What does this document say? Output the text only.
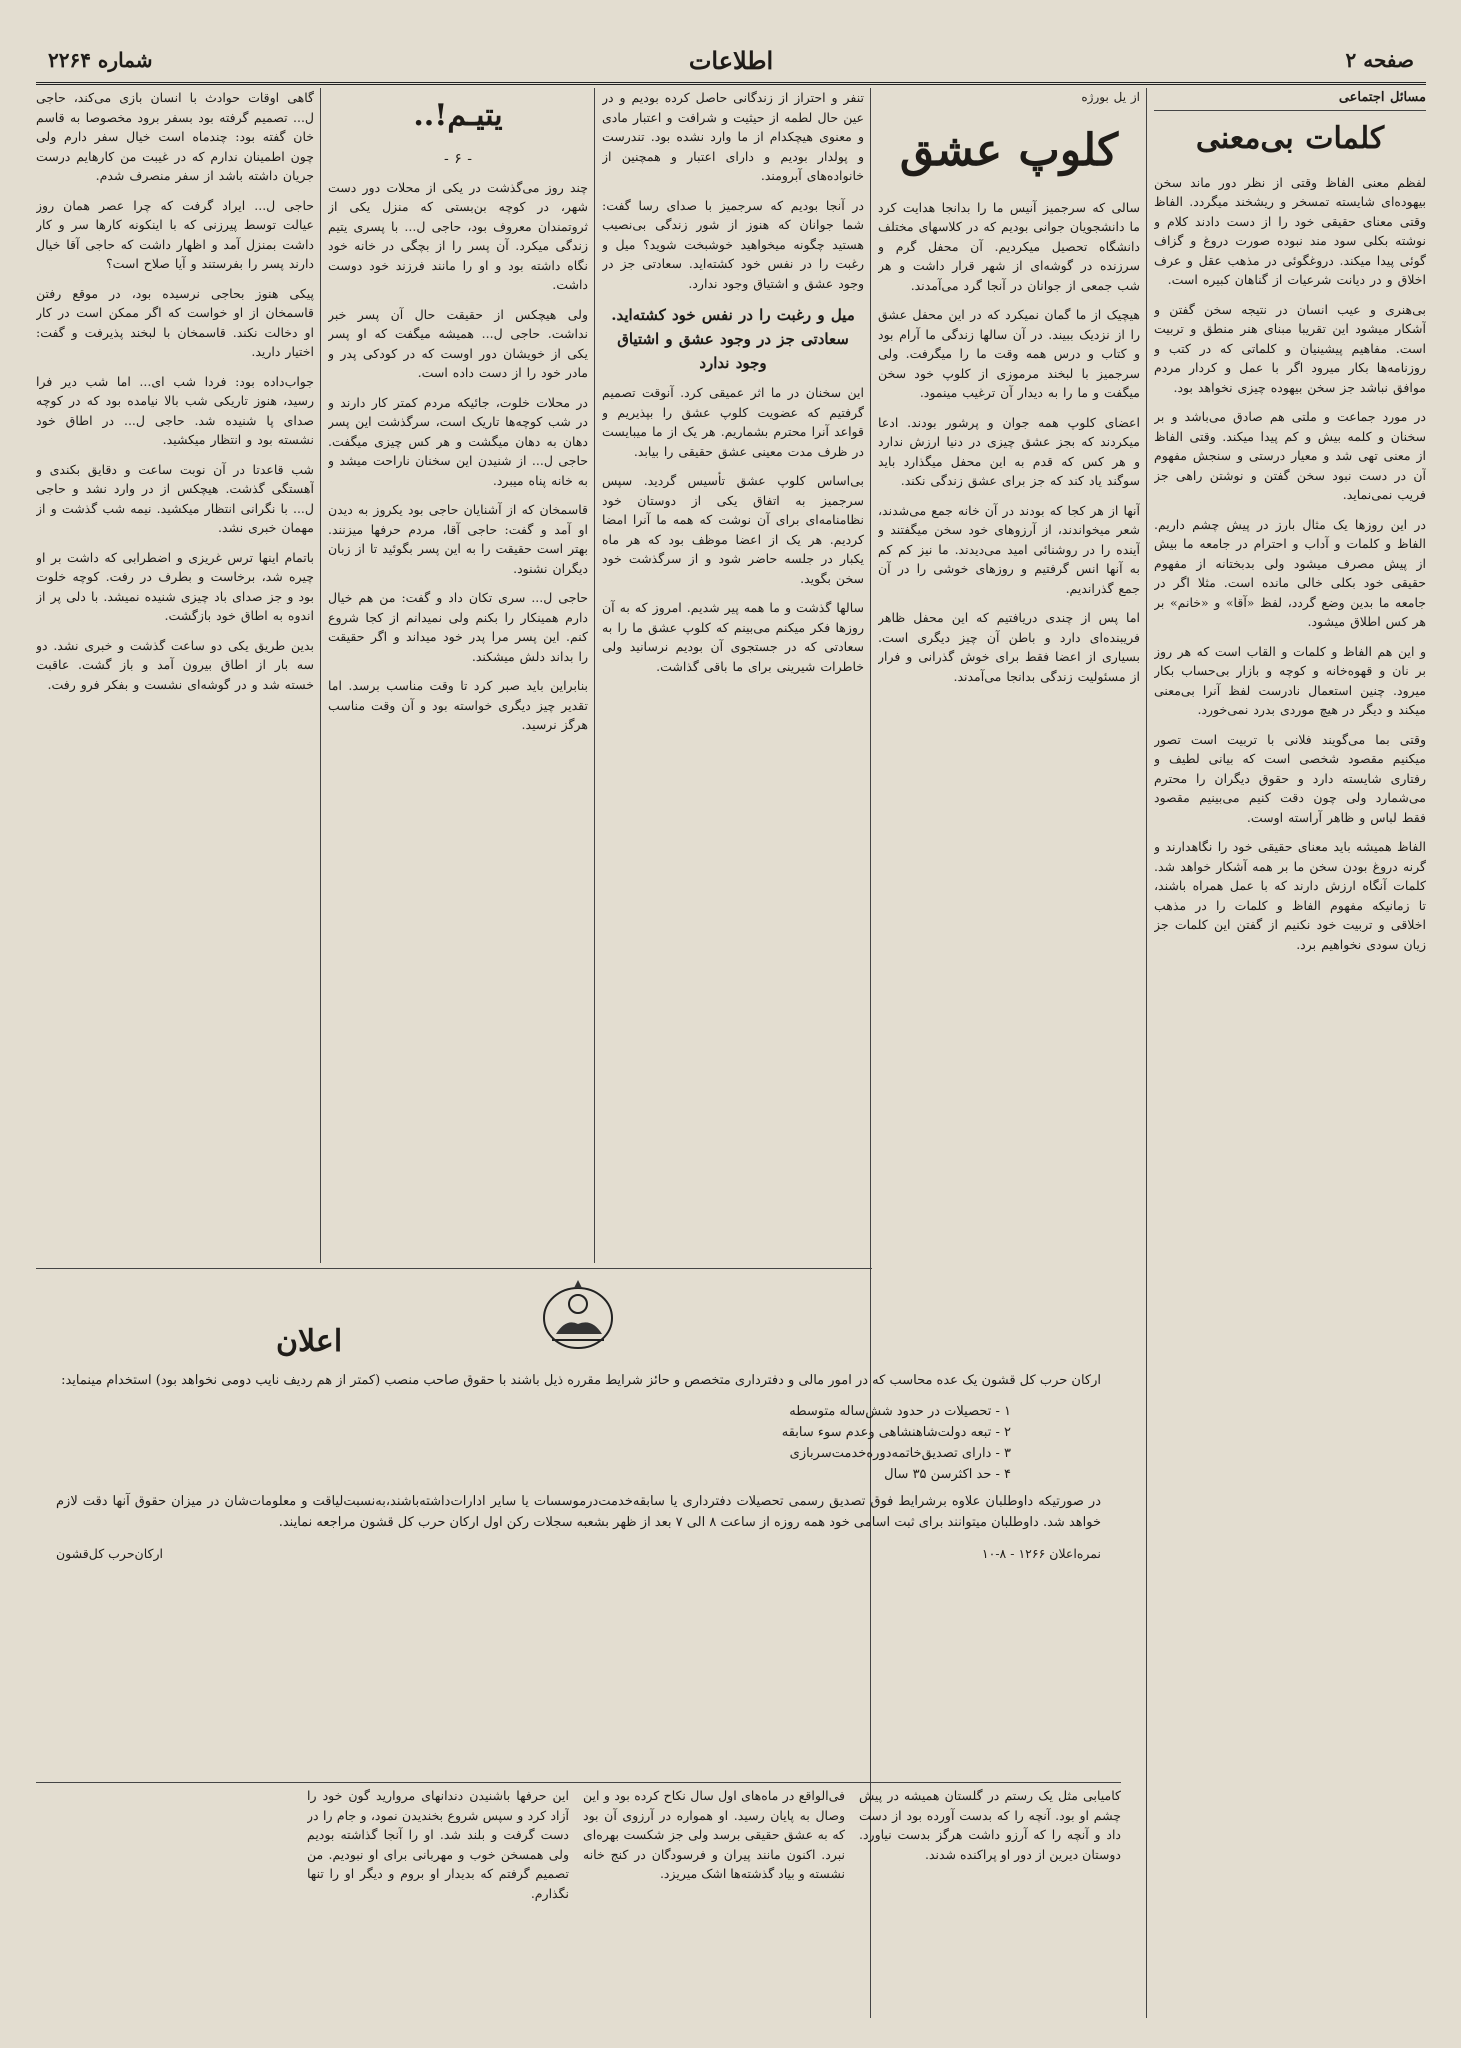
صفحه ۲
اطلاعات
شماره ۲۲۶۴
مسائل اجتماعی
کلمات بی‌معنی
لفظم معنی الفاظ وقتی از نظر دور ماند سخن بیهوده‌ای شایسته تمسخر و ریشخند میگردد. الفاظ وقتی معنای حقیقی خود را از دست دادند کلام و نوشته بکلی سود مند نبوده صورت دروغ و گزاف گوئی پیدا میکند. دروغگوئی در مذهب عقل و عرف اخلاق و در دیانت شرعیات از گناهان کبیره است.
بی‌هنری و عیب انسان در نتیجه سخن گفتن و آشکار میشود این تقریبا مبنای هنر منطق و تربیت است. مفاهیم پیشینیان و کلماتی که در کتب و روزنامه‌ها بکار میرود اگر با عمل و کردار مردم موافق نباشد جز سخن بیهوده چیزی نخواهد بود.
در مورد جماعت و ملتی هم صادق می‌باشد و بر سخنان و کلمه بیش و کم پیدا میکند. وقتی الفاظ از معنی تهی شد و معیار درستی و سنجش مفهوم آن در دست نبود سخن گفتن و نوشتن راهی جز فریب نمی‌نماید.
در این روزها یک مثال بارز در پیش چشم داریم. الفاظ و کلمات و آداب و احترام در جامعه ما بیش از پیش مصرف میشود ولی بدبختانه از مفهوم حقیقی خود بکلی خالی مانده است. مثلا اگر در جامعه ما بدین وضع گردد، لفظ «آقا» و «خانم» بر هر کس اطلاق میشود.
و این هم الفاظ و کلمات و القاب است که هر روز بر نان و قهوه‌خانه و کوچه و بازار بی‌حساب بکار میرود. چنین استعمال نادرست لفظ آنرا بی‌معنی میکند و دیگر در هیچ موردی بدرد نمی‌خورد.
وقتی بما می‌گویند فلانی با تربیت است تصور میکنیم مقصود شخصی است که بیانی لطیف و رفتاری شایسته دارد و حقوق دیگران را محترم می‌شمارد ولی چون دقت کنیم می‌بینیم مقصود فقط لباس و ظاهر آراسته اوست.
الفاظ همیشه باید معنای حقیقی خود را نگاهدارند و گرنه دروغ بودن سخن ما بر همه آشکار خواهد شد. کلمات آنگاه ارزش دارند که با عمل همراه باشند، تا زمانیکه مفهوم الفاظ و کلمات را در مذهب اخلاقی و تربیت خود نکنیم از گفتن این کلمات جز زیان سودی نخواهیم برد.
از یل بورژه
کلوپ عشق
سالی که سرجمیز آنیس ما را بدانجا هدایت کرد ما دانشجویان جوانی بودیم که در کلاسهای مختلف دانشگاه تحصیل میکردیم. آن محفل گرم و سرزنده در گوشه‌ای از شهر قرار داشت و هر شب جمعی از جوانان در آنجا گرد می‌آمدند.
هیچیک از ما گمان نمیکرد که در این محفل عشق را از نزدیک ببیند. در آن سالها زندگی ما آرام بود و کتاب و درس همه وقت ما را میگرفت. ولی سرجمیز با لبخند مرموزی از کلوپ خود سخن میگفت و ما را به دیدار آن ترغیب مینمود.
اعضای کلوپ همه جوان و پرشور بودند. ادعا میکردند که بجز عشق چیزی در دنیا ارزش ندارد و هر کس که قدم به این محفل میگذارد باید سوگند یاد کند که جز برای عشق زندگی نکند.
آنها از هر کجا که بودند در آن خانه جمع می‌شدند، شعر میخواندند، از آرزوهای خود سخن میگفتند و آینده را در روشنائی امید می‌دیدند. ما نیز کم کم به آنها انس گرفتیم و روزهای خوشی را در آن جمع گذراندیم.
اما پس از چندی دریافتیم که این محفل ظاهر فریبنده‌ای دارد و باطن آن چیز دیگری است. بسیاری از اعضا فقط برای خوش گذرانی و فرار از مسئولیت زندگی بدانجا می‌آمدند.
تنفر و احتراز از زندگانی حاصل کرده بودیم و در عین حال لطمه از حیثیت و شرافت و اعتبار مادی و معنوی هیچکدام از ما وارد نشده بود. تندرست و پولدار بودیم و دارای اعتبار و همچنین از خانواده‌های آبرومند.
در آنجا بودیم که سرجمیز با صدای رسا گفت: شما جوانان که هنوز از شور زندگی بی‌نصیب هستید چگونه میخواهید خوشبخت شوید؟ میل و رغبت را در نفس خود کشته‌اید. سعادتی جز در وجود عشق و اشتیاق وجود ندارد.
میل و رغبت را در نفس خود کشته‌اید. سعادتی جز در وجود عشق و اشتیاق وجود ندارد
این سخنان در ما اثر عمیقی کرد. آنوقت تصمیم گرفتیم که عضویت کلوپ عشق را بپذیریم و قواعد آنرا محترم بشماریم. هر یک از ما میبایست در ظرف مدت معینی عشق حقیقی را بیابد.
بی‌اساس کلوپ عشق تأسیس گردید. سپس سرجمیز به اتفاق یکی از دوستان خود نظامنامه‌ای برای آن نوشت که همه ما آنرا امضا کردیم. هر یک از اعضا موظف بود که هر ماه یکبار در جلسه حاضر شود و از سرگذشت خود سخن بگوید.
سالها گذشت و ما همه پیر شدیم. امروز که به آن روزها فکر میکنم می‌بینم که کلوپ عشق ما را به سعادتی که در جستجوی آن بودیم نرسانید ولی خاطرات شیرینی برای ما باقی گذاشت.
یتیـم!..
- ۶ -
چند روز می‌گذشت در یکی از محلات دور دست شهر، در کوچه بن‌بستی که منزل یکی از ثروتمندان معروف بود، حاجی ل... با پسری یتیم زندگی میکرد. آن پسر را از بچگی در خانه خود نگاه داشته بود و او را مانند فرزند خود دوست داشت.
ولی هیچکس از حقیقت حال آن پسر خبر نداشت. حاجی ل... همیشه میگفت که او پسر یکی از خویشان دور اوست که در کودکی پدر و مادر خود را از دست داده است.
در محلات خلوت، جائیکه مردم کمتر کار دارند و در شب کوچه‌ها تاریک است، سرگذشت این پسر دهان به دهان میگشت و هر کس چیزی میگفت. حاجی ل... از شنیدن این سخنان ناراحت میشد و به خانه پناه میبرد.
قاسمخان که از آشنایان حاجی بود یکروز به دیدن او آمد و گفت: حاجی آقا، مردم حرفها میزنند. بهتر است حقیقت را به این پسر بگوئید تا از زبان دیگران نشنود.
حاجی ل... سری تکان داد و گفت: من هم خیال دارم همینکار را بکنم ولی نمیدانم از کجا شروع کنم. این پسر مرا پدر خود میداند و اگر حقیقت را بداند دلش میشکند.
بنابراین باید صبر کرد تا وقت مناسب برسد. اما تقدیر چیز دیگری خواسته بود و آن وقت مناسب هرگز نرسید.
گاهی اوقات حوادث با انسان بازی می‌کند، حاجی ل... تصمیم گرفته بود بسفر برود مخصوصا به قاسم خان گفته بود: چندماه است خیال سفر دارم ولی چون اطمینان ندارم که در غیبت من کارهایم درست جریان داشته باشد از سفر منصرف شدم.
حاجی ل... ایراد گرفت که چرا عصر همان روز عیالت توسط پیرزنی که با اینکونه کارها سر و کار داشت بمنزل آمد و اظهار داشت که حاجی آقا خیال دارند پسر را بفرستند و آیا صلاح است؟
پیکی هنوز بحاجی نرسیده بود، در موقع رفتن قاسمخان از او خواست که اگر ممکن است در کار او دخالت نکند. قاسمخان با لبخند پذیرفت و گفت: اختیار دارید.
جواب‌داده بود: فردا شب ای... اما شب دیر فرا رسید، هنوز تاریکی شب بالا نیامده بود که در کوچه صدای پا شنیده شد. حاجی ل... در اطاق خود نشسته بود و انتظار میکشید.
شب قاعدتا در آن نوبت ساعت و دقایق بکندی و آهستگی گذشت. هیچکس از در وارد نشد و حاجی ل... با نگرانی انتظار میکشید. نیمه شب گذشت و از مهمان خبری نشد.
باتمام اینها ترس غریزی و اضطرابی که داشت بر او چیره شد، برخاست و بطرف در رفت. کوچه خلوت بود و جز صدای باد چیزی شنیده نمیشد. با دلی پر از اندوه به اطاق خود بازگشت.
بدین طریق یکی دو ساعت گذشت و خبری نشد. دو سه بار از اطاق بیرون آمد و باز گشت. عاقبت خسته شد و در گوشه‌ای نشست و بفکر فرو رفت.
اعلان
ارکان حرب کل قشون یک عده محاسب که در امور مالی و دفترداری متخصص و حائز شرایط مقرره ذیل باشند با حقوق صاحب منصب (کمتر از هم ردیف نایب دومی نخواهد بود) استخدام مینماید:
۱ - تحصیلات در حدود شش‌ساله متوسطه
۲ - تبعه دولت‌شاهنشاهی وعدم سوء سابقه
۳ - دارای تصدیق‌خاتمه‌دوره‌خدمت‌سربازی
۴ - حد اکثرسن ۳۵ سال
در صورتیکه داوطلبان علاوه برشرایط فوق تصدیق رسمی تحصیلات دفترداری یا سابقه‌خدمت‌درموسسات یا سایر ادارات‌داشته‌باشند،به‌نسبت‌لیاقت و معلومات‌شان در میزان حقوق آنها دقت لازم خواهد شد. داوطلبان میتوانند برای ثبت اسامی خود همه روزه از ساعت ۸ الی ۷ بعد از ظهر بشعبه سجلات رکن اول ارکان حرب کل قشون مراجعه نمایند.
نمره‌اعلان ۱۲۶۶ - ۸-۱۰
ارکان‌حرب کل‌قشون
کامیابی مثل یک رستم در گلستان همیشه در پیش چشم او بود. آنچه را که بدست آورده بود از دست داد و آنچه را که آرزو داشت هرگز بدست نیاورد. دوستان دیرین از دور او پراکنده شدند.
فی‌الواقع در ماه‌های اول سال نکاح کرده بود و این وصال به پایان رسید. او همواره در آرزوی آن بود که به عشق حقیقی برسد ولی جز شکست بهره‌ای نبرد. اکنون مانند پیران و فرسودگان در کنج خانه نشسته و بیاد گذشته‌ها اشک میریزد.
این حرفها باشنیدن دندانهای مروارید گون خود را آزاد کرد و سپس شروع بخندیدن نمود، و جام را در دست گرفت و بلند شد. او را آنجا گذاشته بودیم ولی همسخن خوب و مهربانی برای او نبودیم. من تصمیم گرفتم که بدیدار او بروم و دیگر او را تنها نگذارم.
